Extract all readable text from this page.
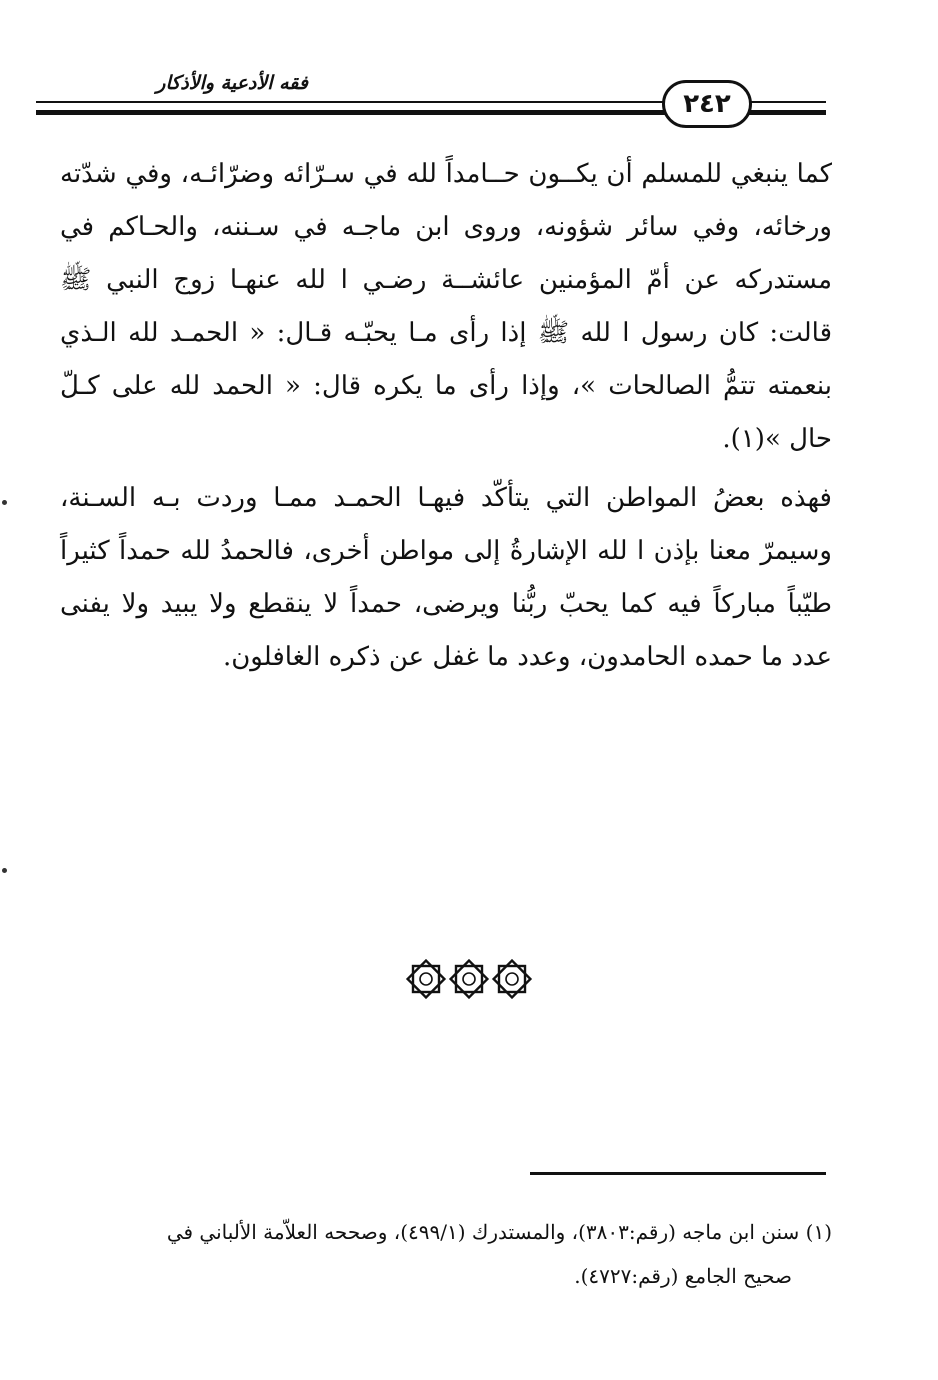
فقه الأدعية والأذكار
٢٤٢

كما ينبغي للمسلم أن يكــون حــامداً لله في سـرّائه وضرّائـه، وفي شدّته ورخائه، وفي سائر شؤونه، وروى ابن ماجـه في سـننه، والحـاكم في مستدركه عن أمّ المؤمنين عائشــة رضـي ا لله عنهـا زوج النبي ﷺ قالت: كان رسول ا لله ﷺ إذا رأى مـا يحبّـه قـال: « الحمـد لله الـذي بنعمته تتمُّ الصالحات »، وإذا رأى ما يكره قال: « الحمد لله على كـلّ حال »(١).

فهذه بعضُ المواطن التي يتأكّد فيهـا الحمـد ممـا وردت بـه السـنة، وسيمرّ معنا بإذن ا لله الإشارةُ إلى مواطن أخرى، فالحمدُ لله حمداً كثيراً طيّباً مباركاً فيه كما يحبّ ربُّنا ويرضى، حمداً لا ينقطع ولا يبيد ولا يفنى عدد ما حمده الحامدون، وعدد ما غفل عن ذكره الغافلون.

(١) سنن ابن ماجه (رقم:٣٨٠٣)، والمستدرك (٤٩٩/١)، وصححه العلاّمة الألباني في

صحيح الجامع (رقم:٤٧٢٧).
